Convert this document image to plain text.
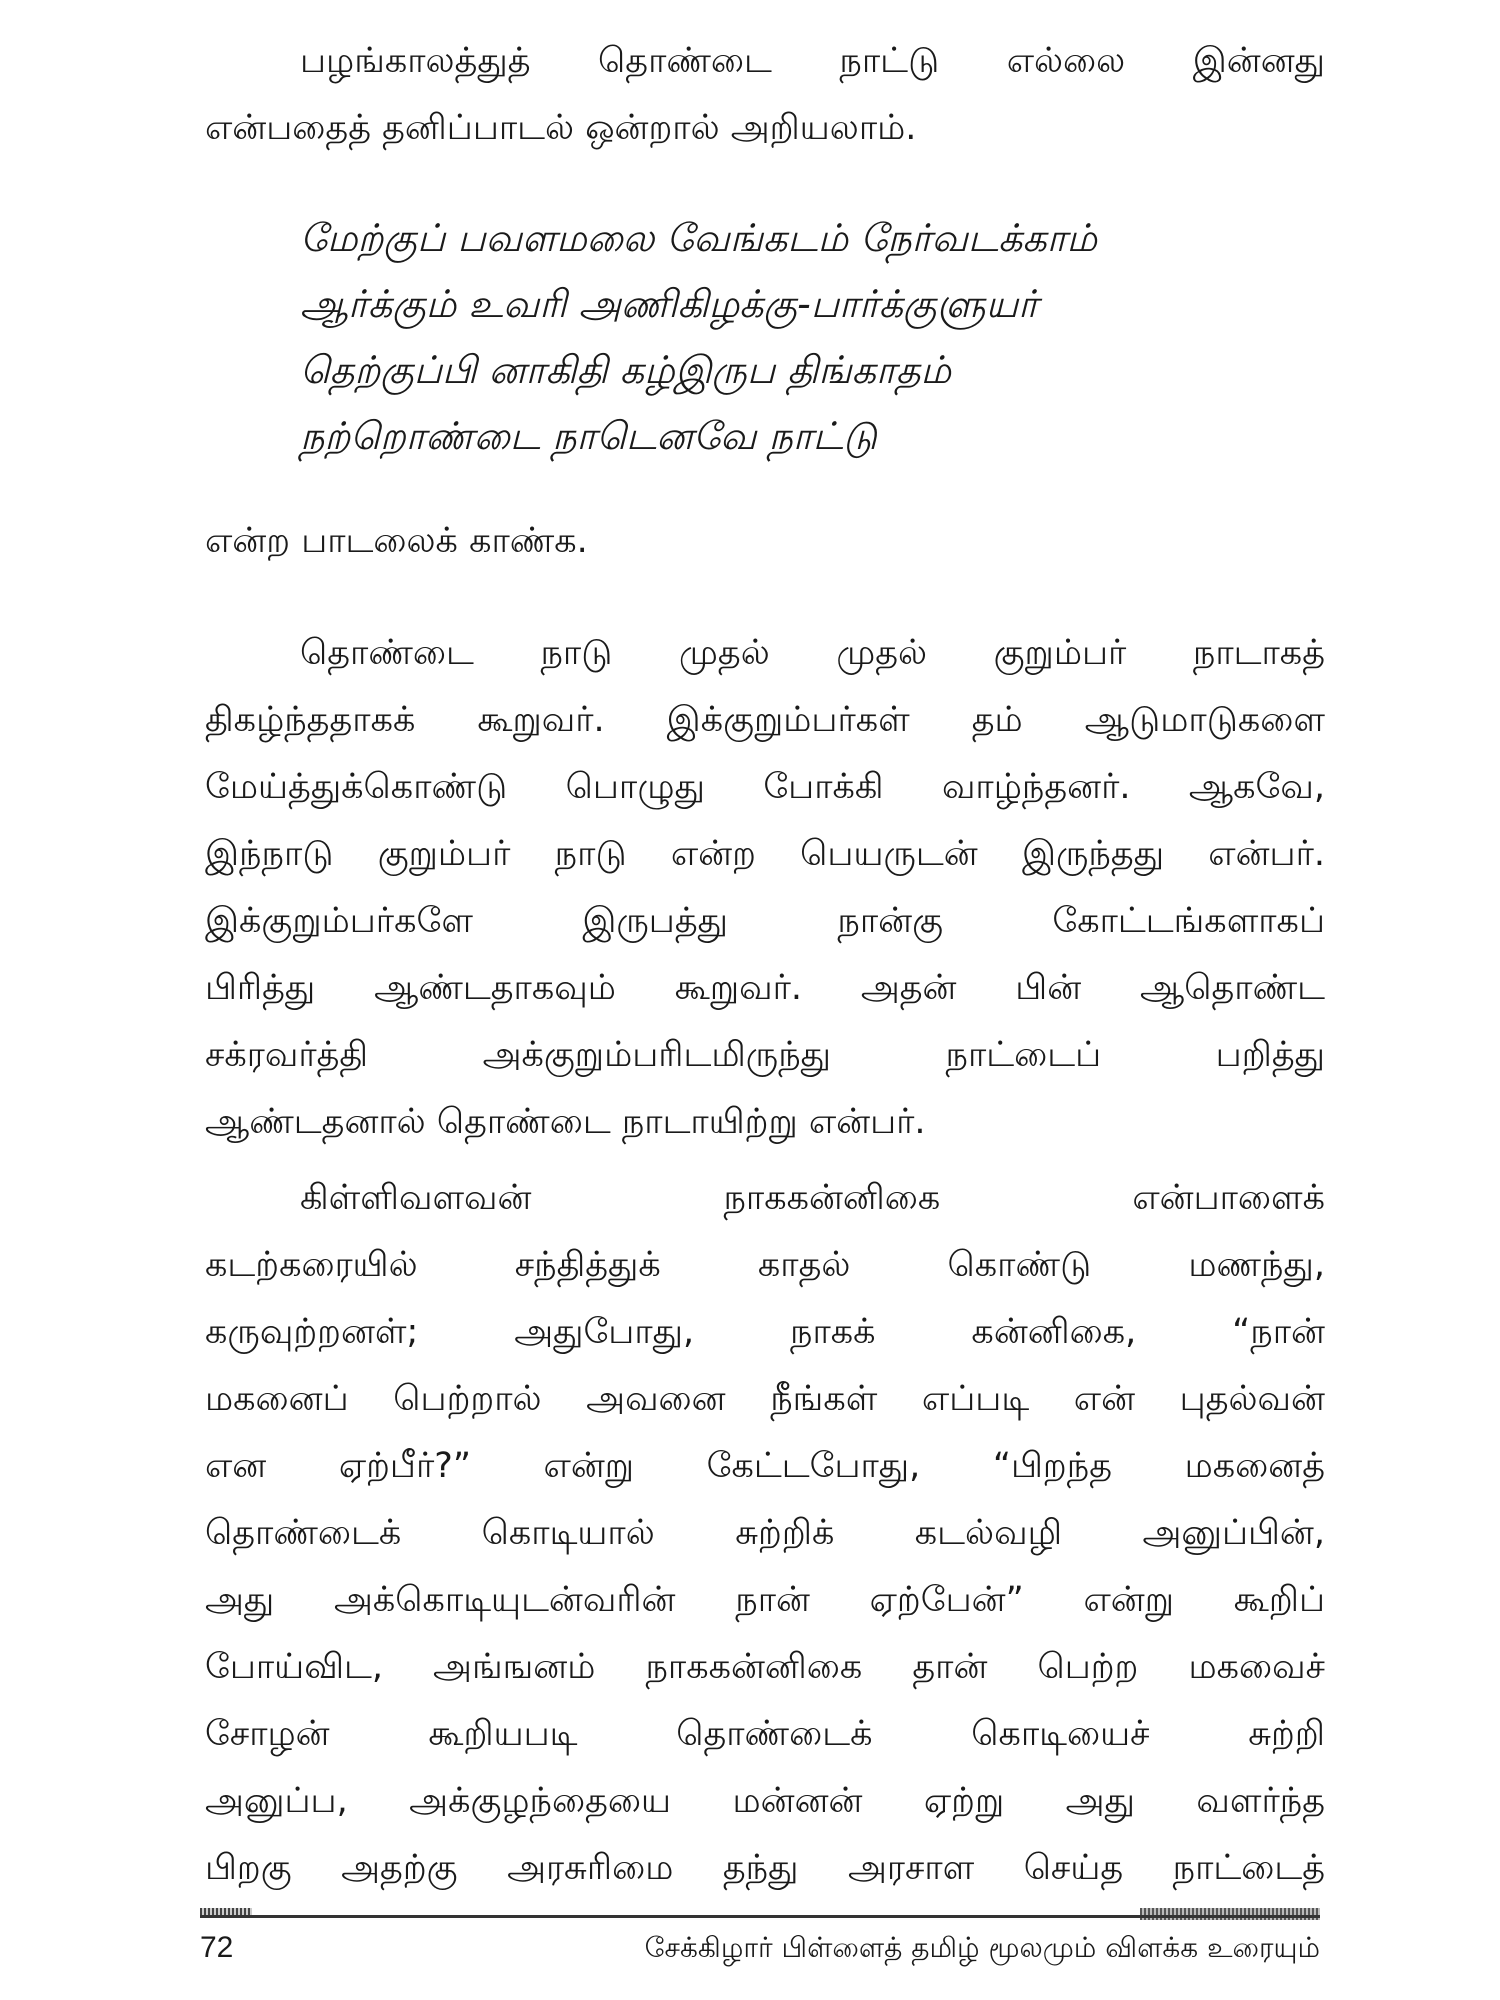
பழங்காலத்துத் தொண்டை நாட்டு எல்லை இன்னது
என்பதைத் தனிப்பாடல் ஒன்றால் அறியலாம்.
மேற்குப் பவளமலை வேங்கடம் நேர்வடக்காம்
ஆர்க்கும் உவரி அணிகிழக்கு-பார்க்குளுயர்
தெற்குப்பி னாகிதி கழ்இருப திங்காதம்
நற்றொண்டை நாடெனவே நாட்டு
என்ற பாடலைக் காண்க.
தொண்டை நாடு முதல் முதல் குறும்பர் நாடாகத்
திகழ்ந்ததாகக் கூறுவர். இக்குறும்பர்கள் தம் ஆடுமாடுகளை
மேய்த்துக்கொண்டு பொழுது போக்கி வாழ்ந்தனர். ஆகவே,
இந்நாடு குறும்பர் நாடு என்ற பெயருடன் இருந்தது என்பர்.
இக்குறும்பர்களே இருபத்து நான்கு கோட்டங்களாகப்
பிரித்து ஆண்டதாகவும் கூறுவர். அதன் பின் ஆதொண்ட
சக்ரவர்த்தி அக்குறும்பரிடமிருந்து நாட்டைப் பறித்து
ஆண்டதனால் தொண்டை நாடாயிற்று என்பர்.
கிள்ளிவளவன் நாககன்னிகை என்பாளைக்
கடற்கரையில் சந்தித்துக் காதல் கொண்டு மணந்து,
கருவுற்றனள்; அதுபோது, நாகக் கன்னிகை, “நான்
மகனைப் பெற்றால் அவனை நீங்கள் எப்படி என் புதல்வன்
என ஏற்பீர்?” என்று கேட்டபோது, “பிறந்த மகனைத்
தொண்டைக் கொடியால் சுற்றிக் கடல்வழி அனுப்பின்,
அது அக்கொடியுடன்வரின் நான் ஏற்பேன்” என்று கூறிப்
போய்விட, அங்ஙனம் நாககன்னிகை தான் பெற்ற மகவைச்
சோழன் கூறியபடி தொண்டைக் கொடியைச் சுற்றி
அனுப்ப, அக்குழந்தையை மன்னன் ஏற்று அது வளர்ந்த
பிறகு அதற்கு அரசுரிமை தந்து அரசாள செய்த நாட்டைத்
72	சேக்கிழார் பிள்ளைத் தமிழ் மூலமும் விளக்க உரையும்
